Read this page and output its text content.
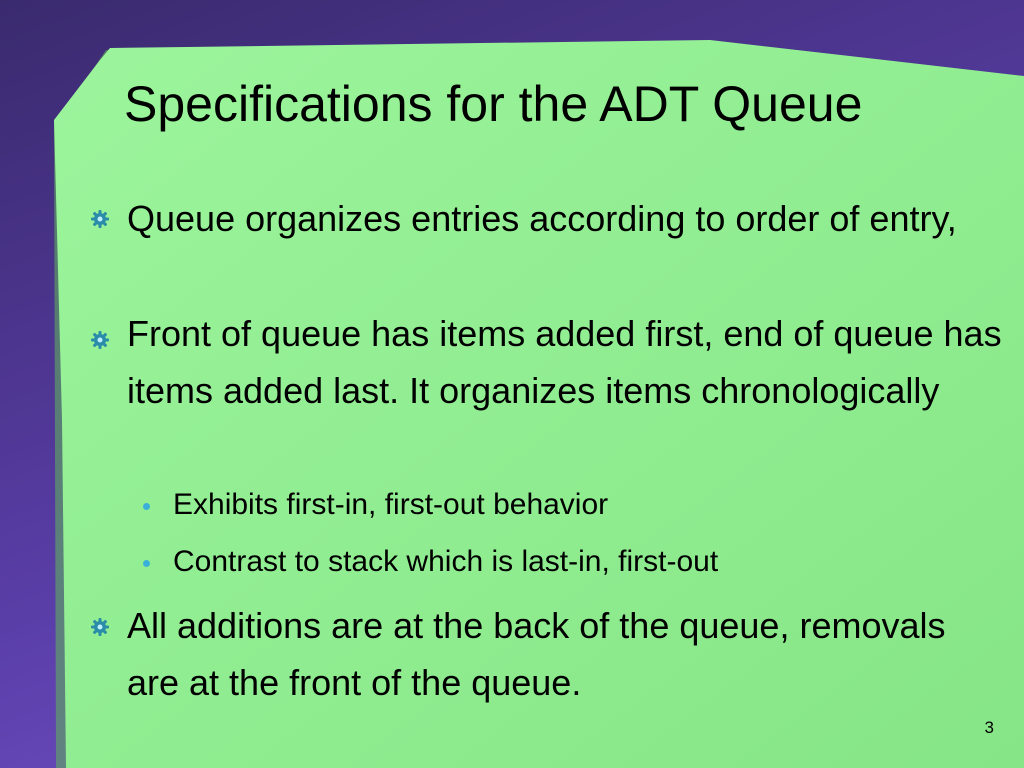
Specifications for the ADT Queue
Queue organizes entries according to order of entry,
Front of queue has items added first, end of queue has items added last. It organizes items chronologically
Exhibits first-in, first-out behavior
Contrast to stack which is last-in, first-out
All additions are at the back of the queue, removals are at the front of the queue.
3
